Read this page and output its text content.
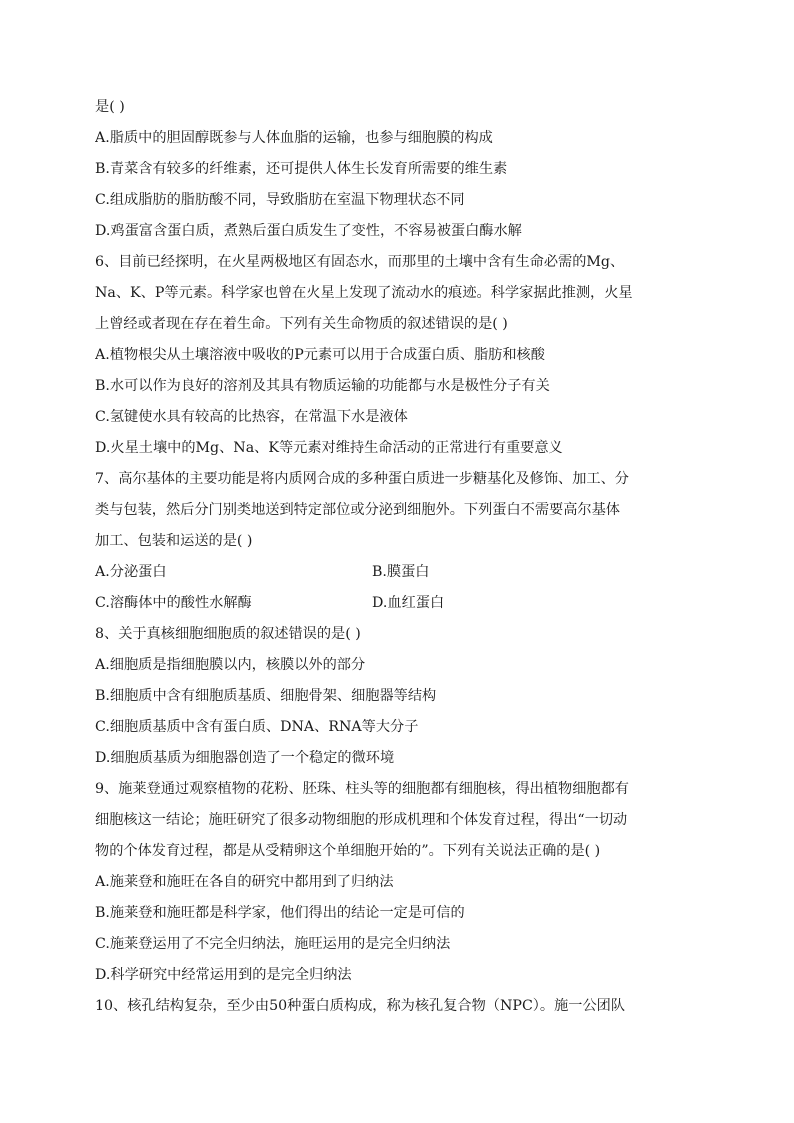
是( )
A.脂质中的胆固醇既参与人体血脂的运输，也参与细胞膜的构成
B.青菜含有较多的纤维素，还可提供人体生长发育所需要的维生素
C.组成脂肪的脂肪酸不同，导致脂肪在室温下物理状态不同
D.鸡蛋富含蛋白质，煮熟后蛋白质发生了变性，不容易被蛋白酶水解
6、目前已经探明，在火星两极地区有固态水，而那里的土壤中含有生命必需的Mg、
Na、K、P等元素。科学家也曾在火星上发现了流动水的痕迹。科学家据此推测，火星
上曾经或者现在存在着生命。下列有关生命物质的叙述错误的是( )
A.植物根尖从土壤溶液中吸收的P元素可以用于合成蛋白质、脂肪和核酸
B.水可以作为良好的溶剂及其具有物质运输的功能都与水是极性分子有关
C.氢键使水具有较高的比热容，在常温下水是液体
D.火星土壤中的Mg、Na、K等元素对维持生命活动的正常进行有重要意义
7、高尔基体的主要功能是将内质网合成的多种蛋白质进一步糖基化及修饰、加工、分
类与包装，然后分门别类地送到特定部位或分泌到细胞外。下列蛋白不需要高尔基体
加工、包装和运送的是( )
A.分泌蛋白	B.膜蛋白
C.溶酶体中的酸性水解酶	D.血红蛋白
8、关于真核细胞细胞质的叙述错误的是( )
A.细胞质是指细胞膜以内，核膜以外的部分
B.细胞质中含有细胞质基质、细胞骨架、细胞器等结构
C.细胞质基质中含有蛋白质、DNA、RNA等大分子
D.细胞质基质为细胞器创造了一个稳定的微环境
9、施莱登通过观察植物的花粉、胚珠、柱头等的细胞都有细胞核，得出植物细胞都有
细胞核这一结论；施旺研究了很多动物细胞的形成机理和个体发育过程，得出“一切动
物的个体发育过程，都是从受精卵这个单细胞开始的”。下列有关说法正确的是( )
A.施莱登和施旺在各自的研究中都用到了归纳法
B.施莱登和施旺都是科学家，他们得出的结论一定是可信的
C.施莱登运用了不完全归纳法，施旺运用的是完全归纳法
D.科学研究中经常运用到的是完全归纳法
10、核孔结构复杂，至少由50种蛋白质构成，称为核孔复合物（NPC）。施一公团队
